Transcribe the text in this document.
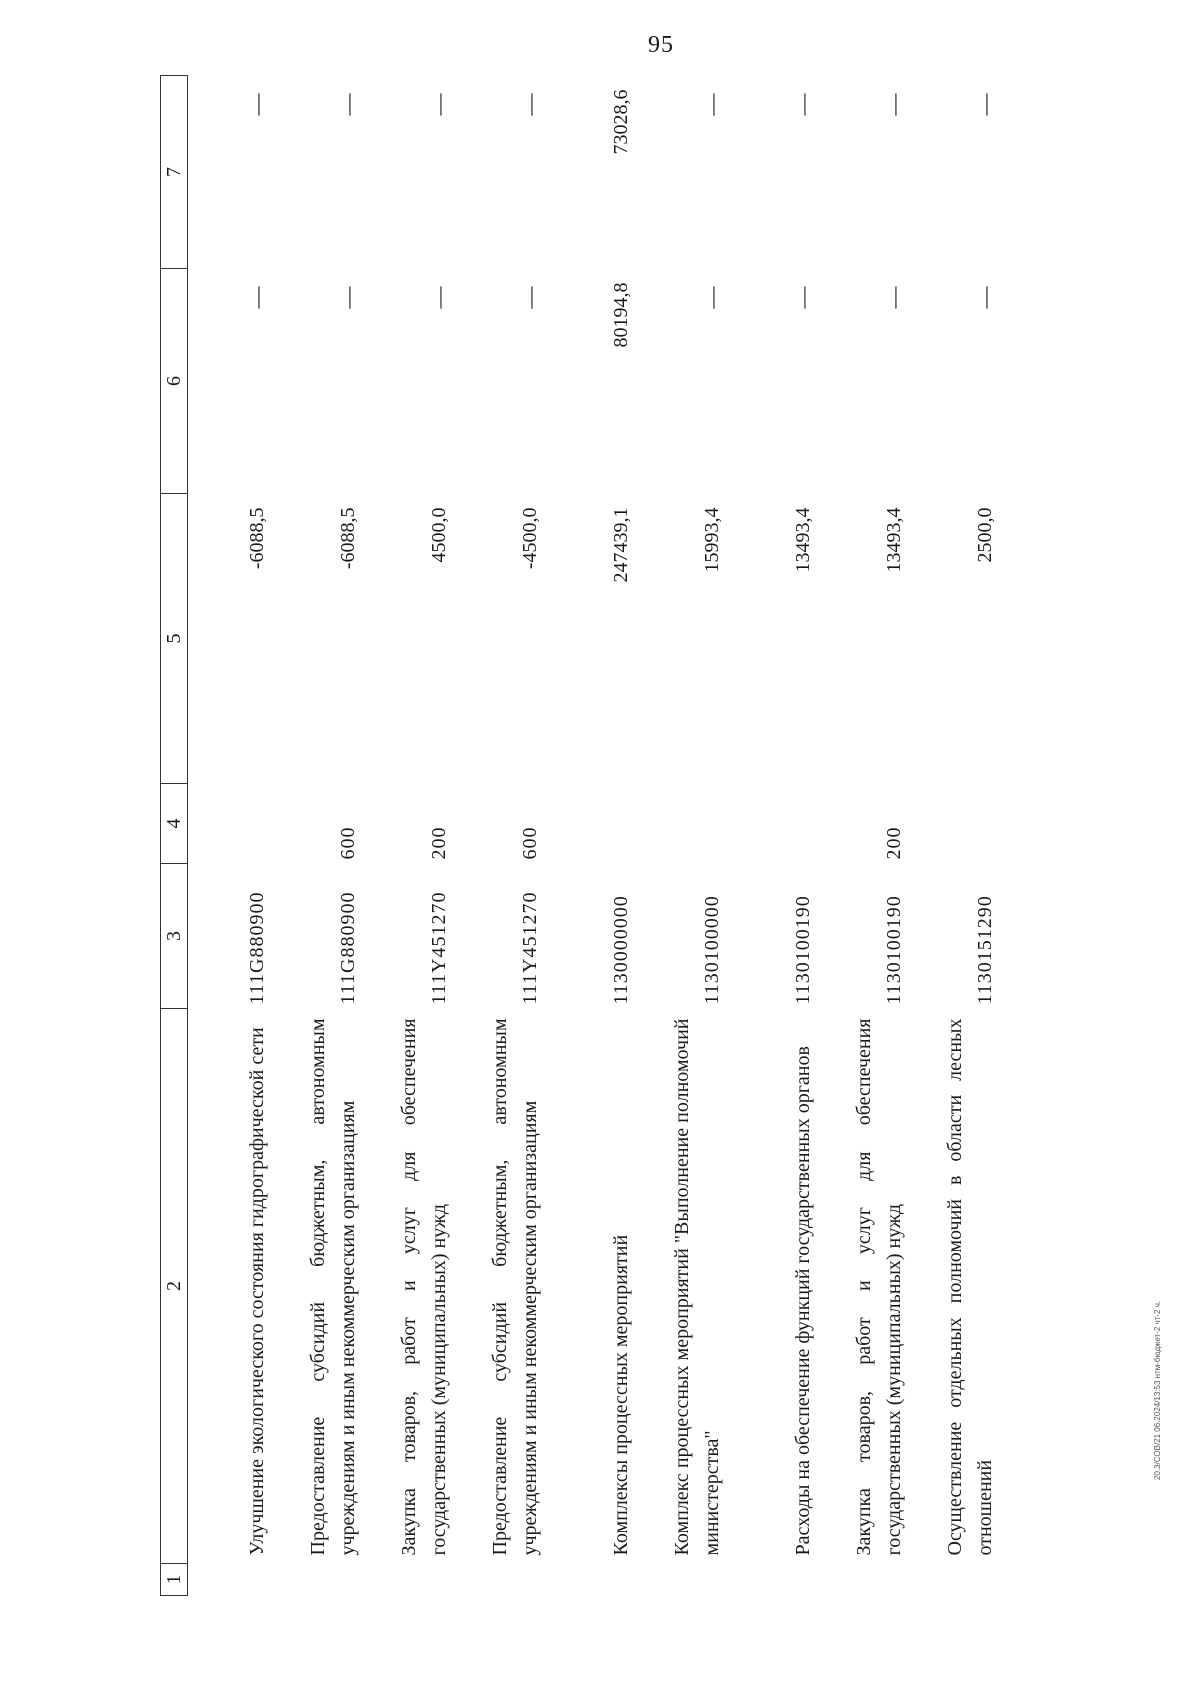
95
1	2	3	4	5	6	7
	Улучшение экологического состояния гидрографической сети	111G880900		-6088,5	—	—
	Предоставление субсидий бюджетным, автономным учреждениям и иным некоммерческим организациям	111G880900	600	-6088,5	—	—
	Закупка товаров, работ и услуг для обеспечения государственных (муниципальных) нужд	111Y451270	200	4500,0	—	—
	Предоставление субсидий бюджетным, автономным учреждениям и иным некоммерческим организациям	111Y451270	600	-4500,0	—	—
	Комплексы процессных мероприятий	1130000000		247439,1	80194,8	73028,6
	Комплекс процессных мероприятий "Выполнение полномочий министерства"	1130100000		15993,4	—	—
	Расходы на обеспечение функций государственных органов	1130100190		13493,4	—	—
	Закупка товаров, работ и услуг для обеспечения государственных (муниципальных) нужд	1130100190	200	13493,4	—	—
	Осуществление отдельных полномочий в области лесных отношений	1130151290		2500,0	—	—
20.3/СОВ/21 06.2024/13:53 нтм-бюджет-2 чт-2 ч.
